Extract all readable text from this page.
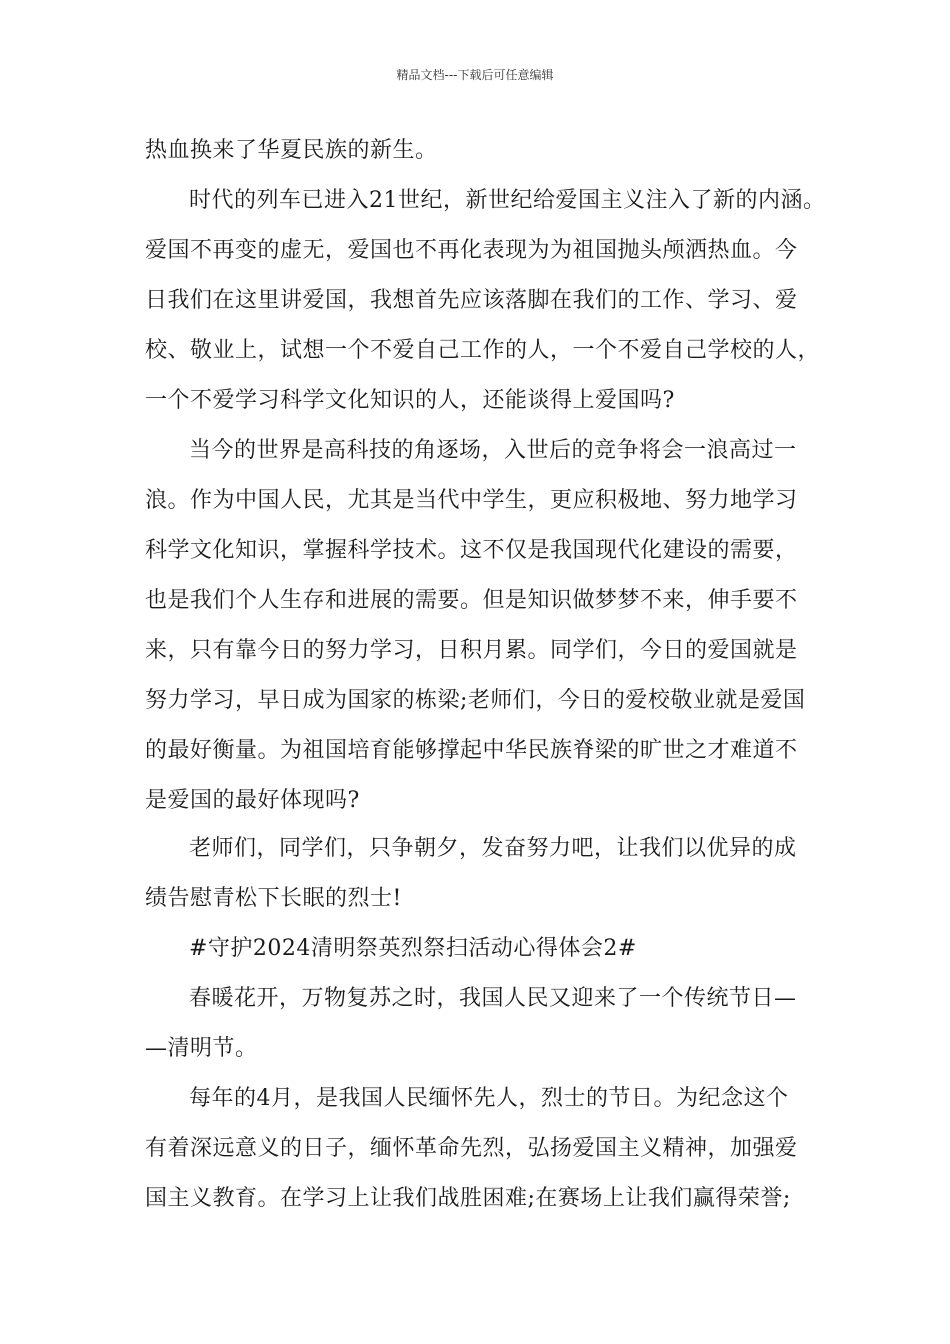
精品文档---下载后可任意编辑
热血换来了华夏民族的新生。
时代的列车已进入21世纪，新世纪给爱国主义注入了新的内涵。
爱国不再变的虚无，爱国也不再化表现为为祖国抛头颅洒热血。今
日我们在这里讲爱国，我想首先应该落脚在我们的工作、学习、爱
校、敬业上，试想一个不爱自己工作的人，一个不爱自己学校的人，
一个不爱学习科学文化知识的人，还能谈得上爱国吗?
当今的世界是高科技的角逐场，入世后的竞争将会一浪高过一
浪。作为中国人民，尤其是当代中学生，更应积极地、努力地学习
科学文化知识，掌握科学技术。这不仅是我国现代化建设的需要，
也是我们个人生存和进展的需要。但是知识做梦梦不来，伸手要不
来，只有靠今日的努力学习，日积月累。同学们，今日的爱国就是
努力学习，早日成为国家的栋梁;老师们，今日的爱校敬业就是爱国
的最好衡量。为祖国培育能够撑起中华民族脊梁的旷世之才难道不
是爱国的最好体现吗?
老师们，同学们，只争朝夕，发奋努力吧，让我们以优异的成
绩告慰青松下长眠的烈士!
#守护2024清明祭英烈祭扫活动心得体会2#
春暖花开，万物复苏之时，我国人民又迎来了一个传统节日—
—清明节。
每年的4月，是我国人民缅怀先人，烈士的节日。为纪念这个
有着深远意义的日子，缅怀革命先烈，弘扬爱国主义精神，加强爱
国主义教育。在学习上让我们战胜困难;在赛场上让我们赢得荣誉;
